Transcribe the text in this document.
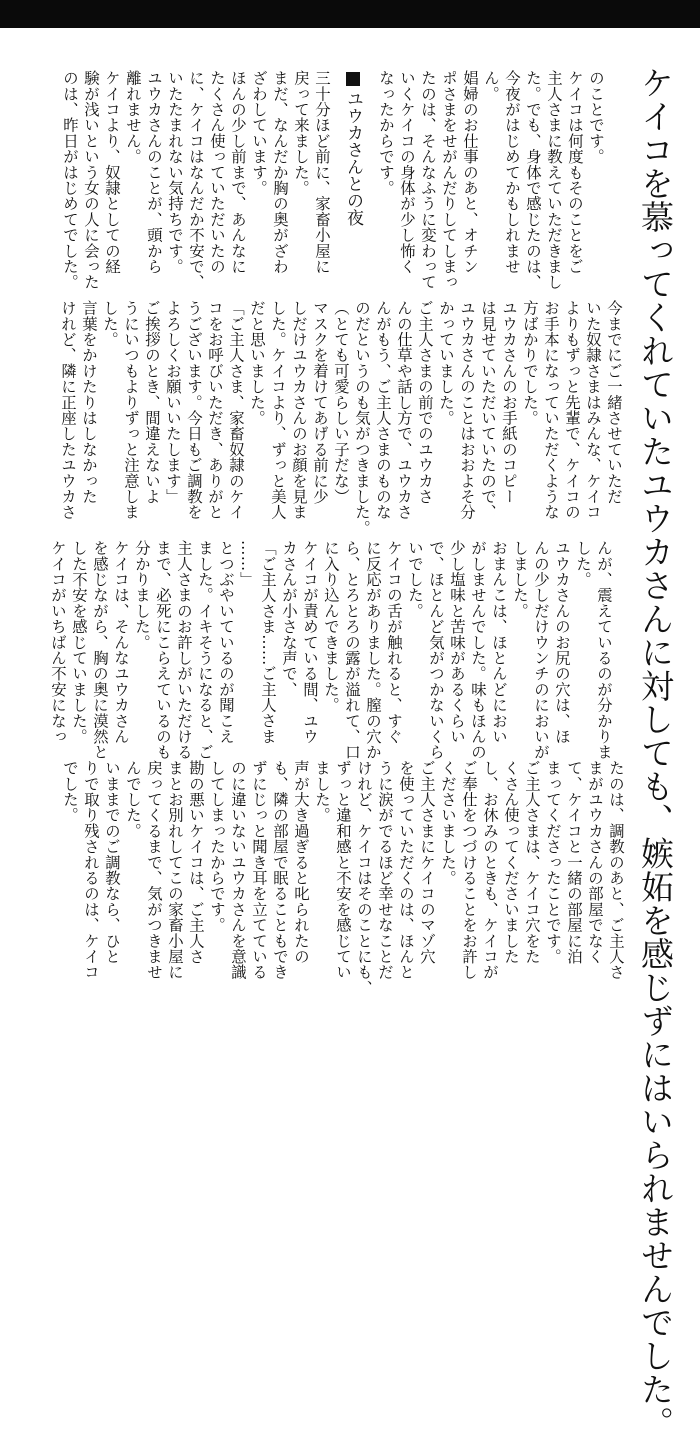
ケイコを慕ってくれていたユウカさんに対しても、嫉妬を感じずにはいられませんでした。
のことです。
ケイコは何度もそのことをご
主人さまに教えていただきまし
た。でも、身体で感じたのは、
今夜がはじめてかもしれませ
ん。
娼婦のお仕事のあと、オチン
ポさまをせがんだりしてしまっ
たのは、そんなふうに変わって
いくケイコの身体が少し怖く
なったからです。
ユウカさんとの夜
三十分ほど前に、家畜小屋に
戻って来ました。
まだ、なんだか胸の奥がざわ
ざわしています。
ほんの少し前まで、あんなに
たくさん使っていただいたの
に、ケイコはなんだか不安で、
いたたまれない気持ちです。
ユウカさんのことが、頭から
離れません。
ケイコより、奴隷としての経
験が浅いという女の人に会った
のは、昨日がはじめてでした。
今までにご一緒させていただ
いた奴隷さまはみんな、ケイコ
よりもずっと先輩で、ケイコの
お手本になっていただくような
方ばかりでした。
ユウカさんのお手紙のコピー
は見せていただいていたので、
ユウカさんのことはおおよそ分
かっていました。
ご主人さまの前でのユウカさ
んの仕草や話し方で、ユウカさ
んがもう、ご主人さまのものな
のだというのも気がつきました。
（とても可愛らしい子だな）
マスクを着けてあげる前に少
しだけユウカさんのお顔を見ま
した。ケイコより、ずっと美人
だと思いました。
「ご主人さま、家畜奴隷のケイ
コをお呼びいただき、ありがと
うございます。今日もご調教を
よろしくお願いいたします」
ご挨拶のとき、間違えないよ
うにいつもよりずっと注意しま
した。
言葉をかけたりはしなかった
けれど、隣に正座したユウカさ
んが、震えているのが分かりま
した。
ユウカさんのお尻の穴は、ほ
んの少しだけウンチのにおいが
しました。
おまんこは、ほとんどにおい
がしませんでした。味もほんの
少し塩味と苦味があるくらい
で、ほとんど気がつかないくら
いでした。
ケイコの舌が触れると、すぐ
に反応がありました。膣の穴か
ら、とろとろの露が溢れて、口
に入り込んできました。
ケイコが責めている間、ユウ
カさんが小さな声で、
「ご主人さま……ご主人さま
……」
とつぶやいているのが聞こえ
ました。イキそうになると、ご
主人さまのお許しがいただける
まで、必死にこらえているのも
分かりました。
ケイコは、そんなユウカさん
を感じながら、胸の奥に漠然と
した不安を感じていました。
ケイコがいちばん不安になっ
たのは、調教のあと、ご主人さ
まがユウカさんの部屋でなく
て、ケイコと一緒の部屋に泊
まってくださったことです。
ご主人さまは、ケイコ穴をた
くさん使ってくださいました
し、お休みのときも、ケイコが
ご奉仕をつづけることをお許し
くださいました。
ご主人さまにケイコのマゾ穴
を使っていただくのは、ほんと
うに涙がでるほど幸せなことだ
けれど、ケイコはそのことにも、
ずっと違和感と不安を感じてい
ました。
声が大き過ぎると叱られたの
も、隣の部屋で眠ることもでき
ずにじっと聞き耳を立てている
のに違いないユウカさんを意識
してしまったからです。
勘の悪いケイコは、ご主人さ
まとお別れしてこの家畜小屋に
戻ってくるまで、気がつきませ
んでした。
いままでのご調教なら、ひと
りで取り残されるのは、ケイコ
でした。
